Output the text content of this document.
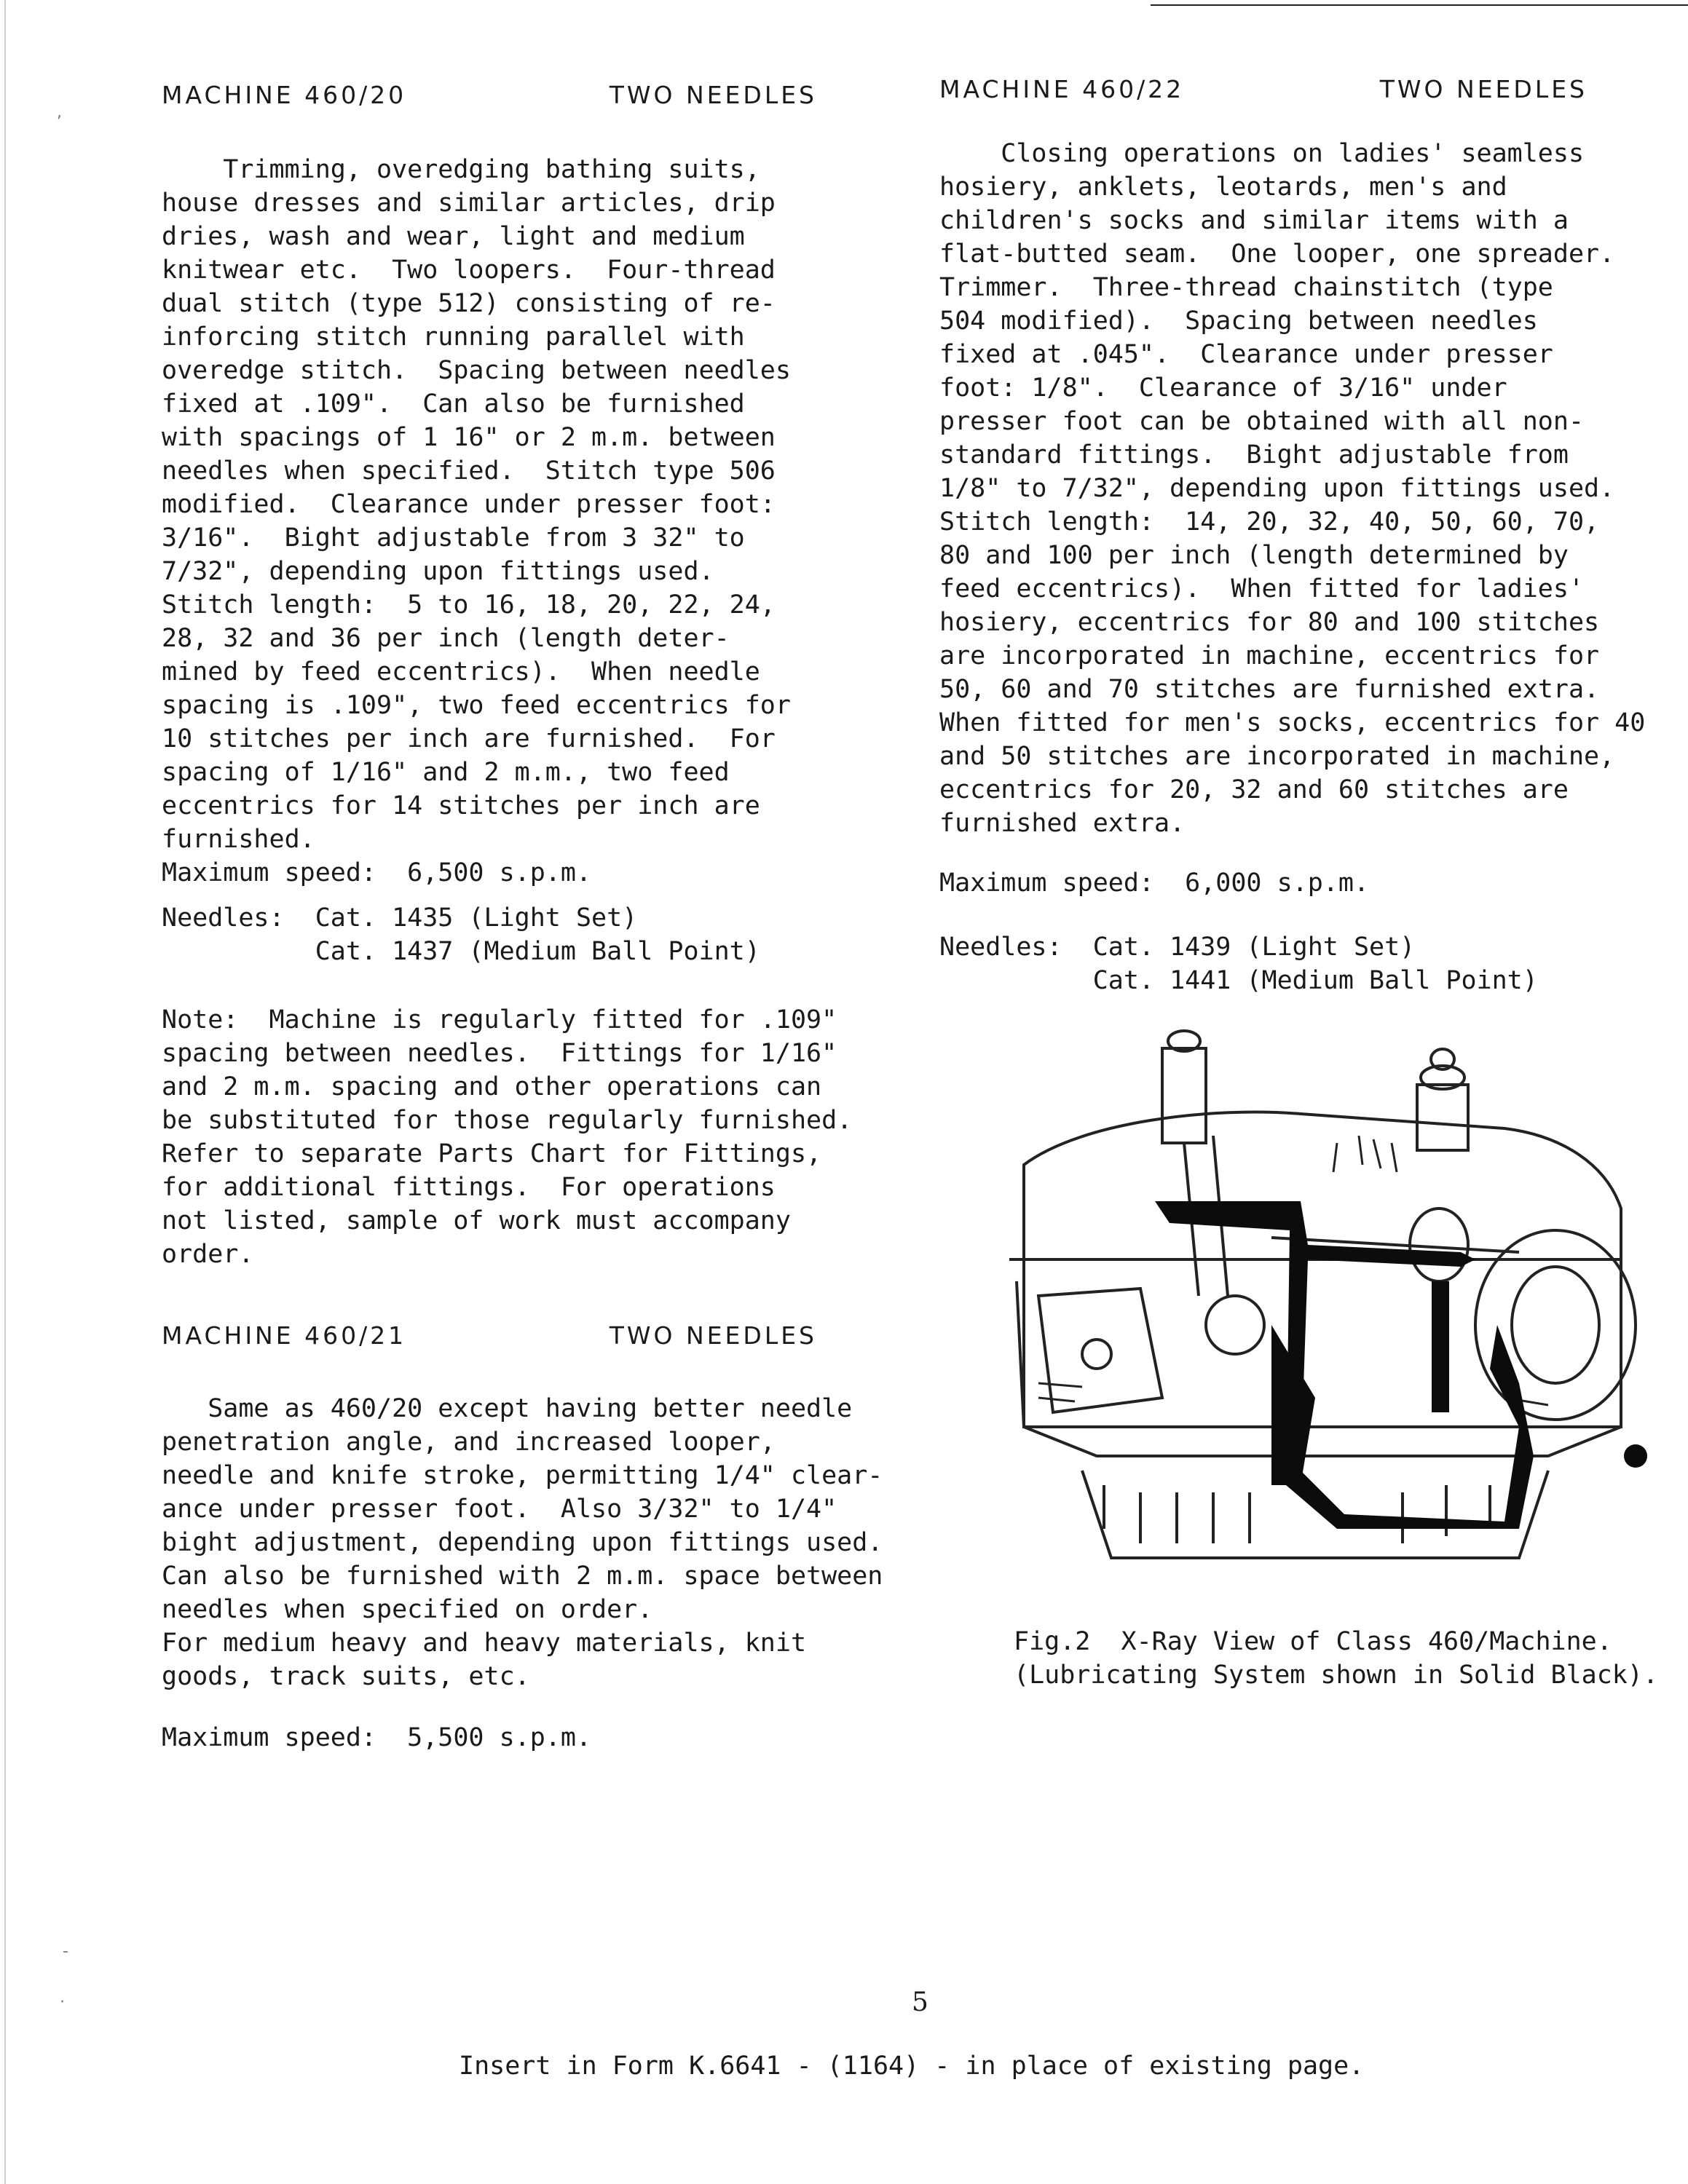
,
-
·
MACHINE 460/20	TWO NEEDLES
Trimming, overedging bathing suits,
house dresses and similar articles, drip
dries, wash and wear, light and medium
knitwear etc.  Two loopers.  Four-thread
dual stitch (type 512) consisting of re-
inforcing stitch running parallel with
overedge stitch.  Spacing between needles
fixed at .109".  Can also be furnished
with spacings of 1 16" or 2 m.m. between
needles when specified.  Stitch type 506
modified.  Clearance under presser foot:
3/16".  Bight adjustable from 3 32" to
7/32", depending upon fittings used.
Stitch length:  5 to 16, 18, 20, 22, 24,
28, 32 and 36 per inch (length deter-
mined by feed eccentrics).  When needle
spacing is .109", two feed eccentrics for
10 stitches per inch are furnished.  For
spacing of 1/16" and 2 m.m., two feed
eccentrics for 14 stitches per inch are
furnished.
Maximum speed:  6,500 s.p.m.
Needles:  Cat. 1435 (Light Set)
Cat. 1437 (Medium Ball Point)
Note:  Machine is regularly fitted for .109"
spacing between needles.  Fittings for 1/16"
and 2 m.m. spacing and other operations can
be substituted for those regularly furnished.
Refer to separate Parts Chart for Fittings,
for additional fittings.  For operations
not listed, sample of work must accompany
order.
MACHINE 460/21	TWO NEEDLES
Same as 460/20 except having better needle
penetration angle, and increased looper,
needle and knife stroke, permitting 1/4" clear-
ance under presser foot.  Also 3/32" to 1/4"
bight adjustment, depending upon fittings used.
Can also be furnished with 2 m.m. space between
needles when specified on order.
For medium heavy and heavy materials, knit
goods, track suits, etc.
Maximum speed:  5,500 s.p.m.
MACHINE 460/22	TWO NEEDLES
Closing operations on ladies' seamless
hosiery, anklets, leotards, men's and
children's socks and similar items with a
flat-butted seam.  One looper, one spreader.
Trimmer.  Three-thread chainstitch (type
504 modified).  Spacing between needles
fixed at .045".  Clearance under presser
foot: 1/8".  Clearance of 3/16" under
presser foot can be obtained with all non-
standard fittings.  Bight adjustable from
1/8" to 7/32", depending upon fittings used.
Stitch length:  14, 20, 32, 40, 50, 60, 70,
80 and 100 per inch (length determined by
feed eccentrics).  When fitted for ladies'
hosiery, eccentrics for 80 and 100 stitches
are incorporated in machine, eccentrics for
50, 60 and 70 stitches are furnished extra.
When fitted for men's socks, eccentrics for 40
and 50 stitches are incorporated in machine,
eccentrics for 20, 32 and 60 stitches are
furnished extra.
Maximum speed:  6,000 s.p.m.
Needles:  Cat. 1439 (Light Set)
Cat. 1441 (Medium Ball Point)
Fig.2  X-Ray View of Class 460/Machine.
(Lubricating System shown in Solid Black).
5
Insert in Form K.6641 - (1164) - in place of existing page.
